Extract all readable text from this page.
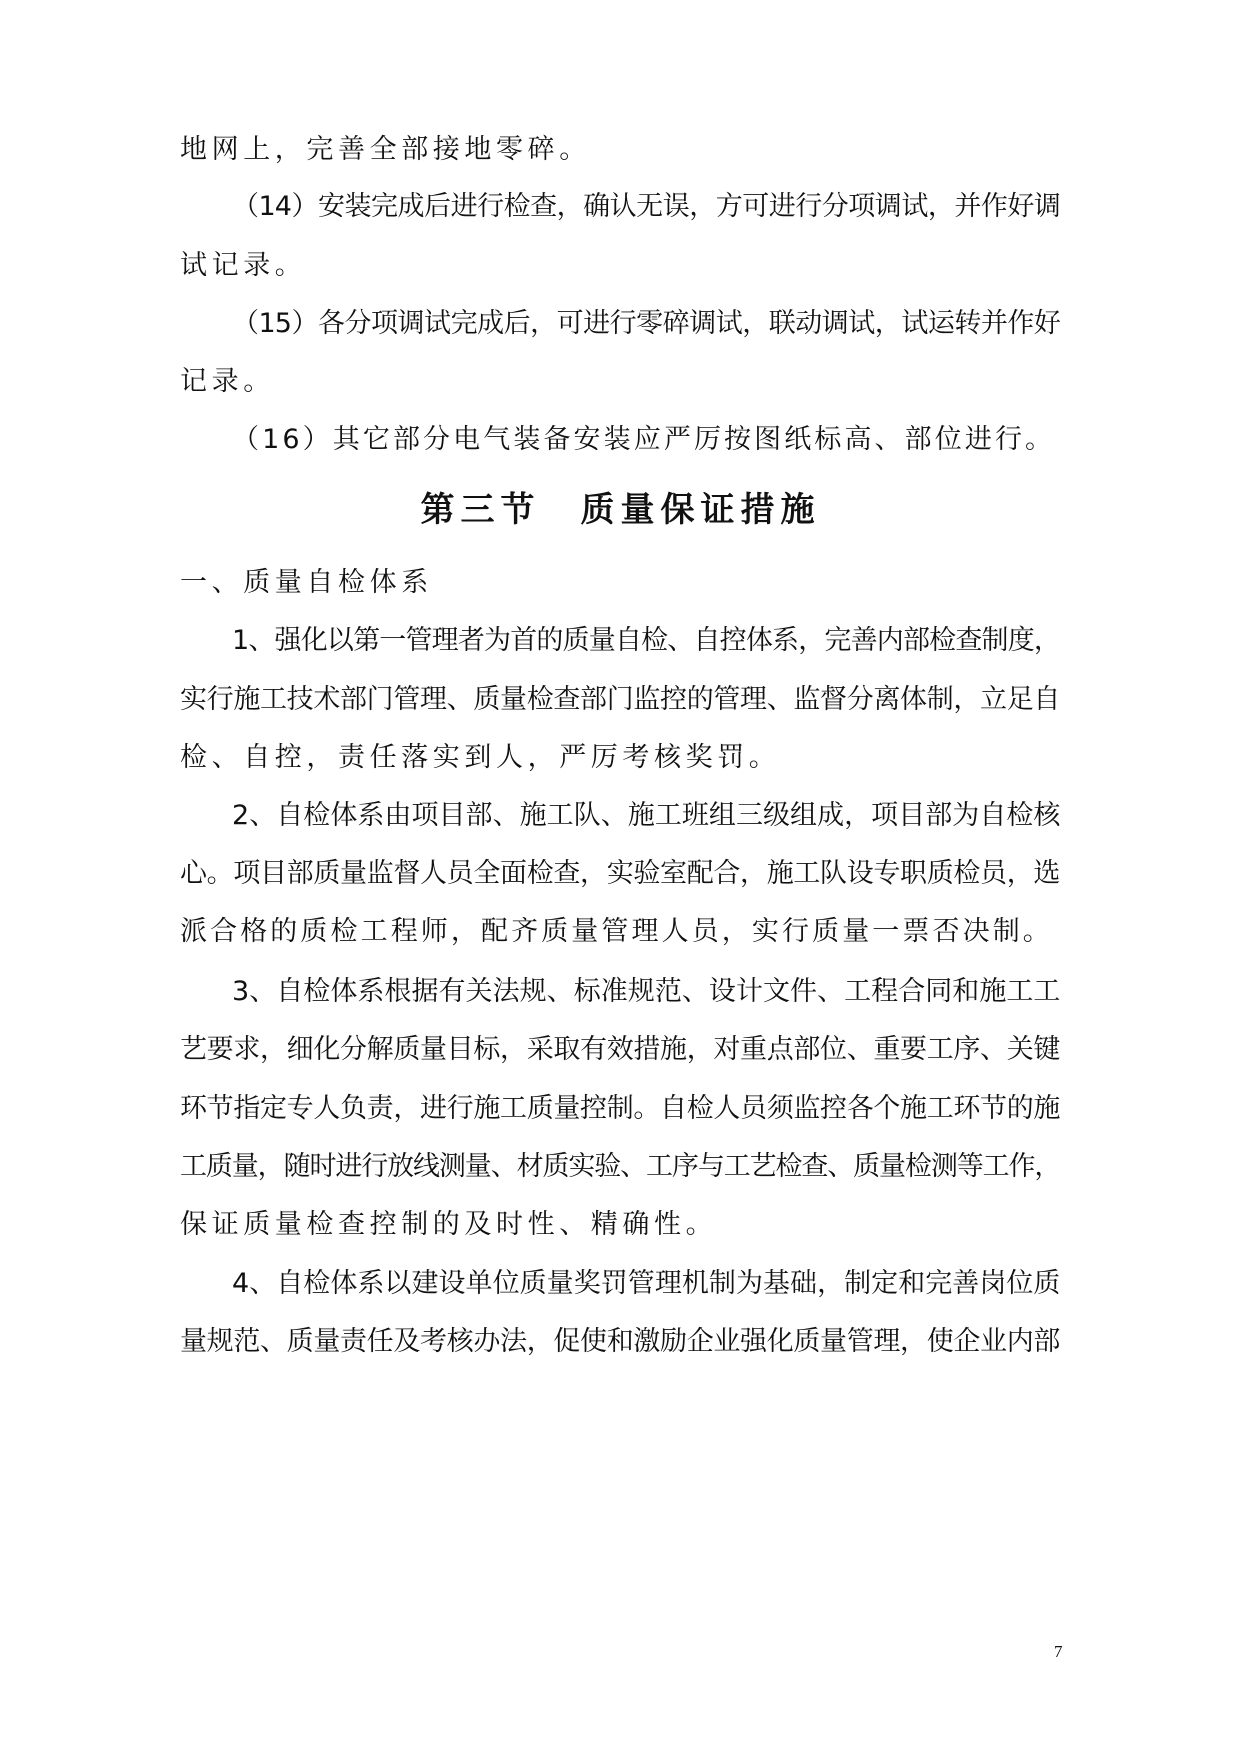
地网上，完善全部接地零碎。
（14）安装完成后进行检查，确认无误，方可进行分项调试，并作好调
试记录。
（15）各分项调试完成后，可进行零碎调试，联动调试，试运转并作好
记录。
（16）其它部分电气装备安装应严厉按图纸标高、部位进行。
第三节　质量保证措施
一、质量自检体系
1、强化以第一管理者为首的质量自检、自控体系，完善内部检查制度，
实行施工技术部门管理、质量检查部门监控的管理、监督分离体制，立足自
检、自控，责任落实到人，严厉考核奖罚。
2、自检体系由项目部、施工队、施工班组三级组成，项目部为自检核
心。项目部质量监督人员全面检查，实验室配合，施工队设专职质检员，选
派合格的质检工程师，配齐质量管理人员，实行质量一票否决制。
3、自检体系根据有关法规、标准规范、设计文件、工程合同和施工工
艺要求，细化分解质量目标，采取有效措施，对重点部位、重要工序、关键
环节指定专人负责，进行施工质量控制。自检人员须监控各个施工环节的施
工质量，随时进行放线测量、材质实验、工序与工艺检查、质量检测等工作，
保证质量检查控制的及时性、精确性。
4、自检体系以建设单位质量奖罚管理机制为基础，制定和完善岗位质
量规范、质量责任及考核办法，促使和激励企业强化质量管理，使企业内部
7
